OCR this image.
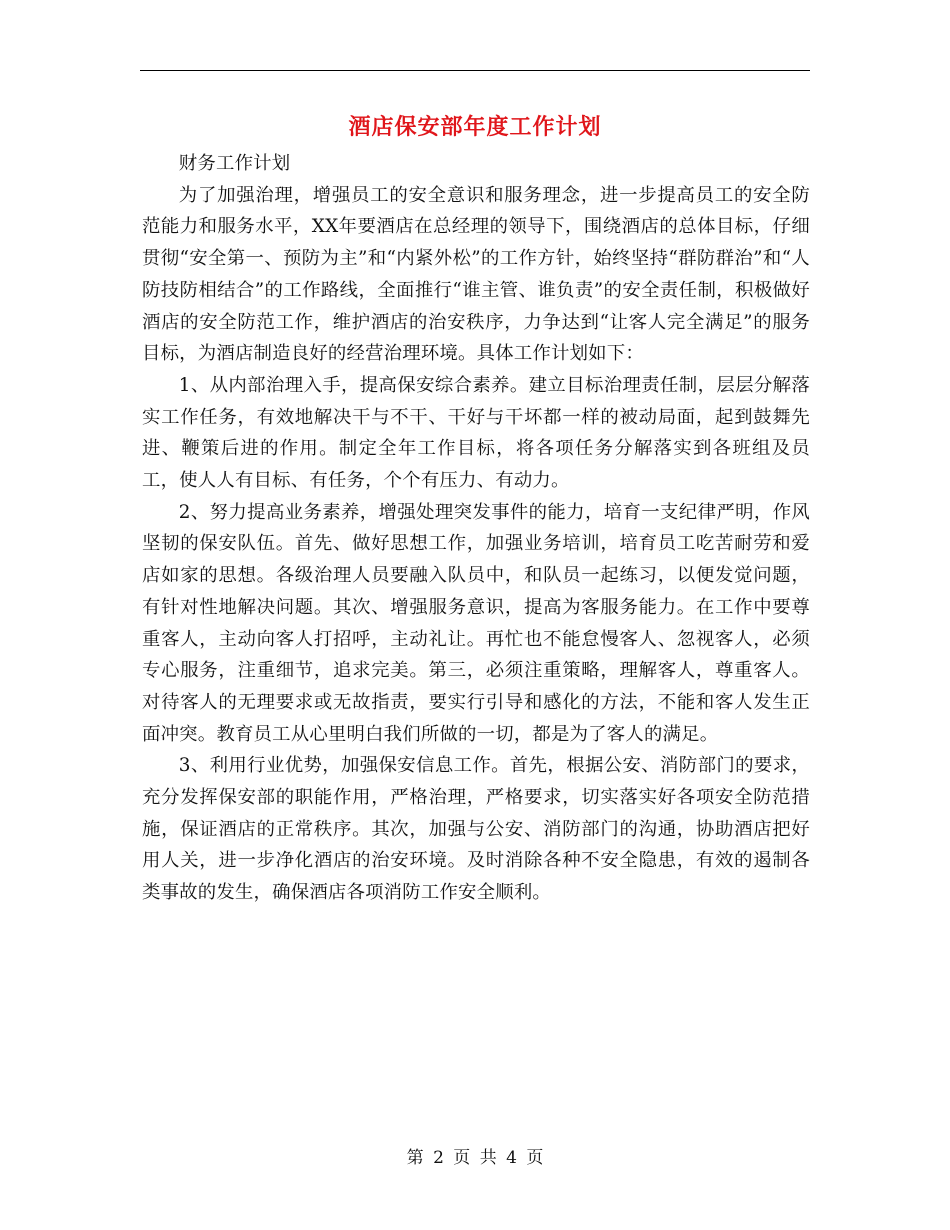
酒店保安部年度工作计划

财务工作计划

为了加强治理，增强员工的安全意识和服务理念，进一步提高员工的安全防范能力和服务水平，XX年要酒店在总经理的领导下，围绕酒店的总体目标，仔细贯彻“安全第一、预防为主”和“内紧外松”的工作方针，始终坚持“群防群治”和“人防技防相结合”的工作路线，全面推行“谁主管、谁负责”的安全责任制，积极做好酒店的安全防范工作，维护酒店的治安秩序，力争达到“让客人完全满足”的服务目标，为酒店制造良好的经营治理环境。具体工作计划如下：

1、从内部治理入手，提高保安综合素养。建立目标治理责任制，层层分解落实工作任务，有效地解决干与不干、干好与干坏都一样的被动局面，起到鼓舞先进、鞭策后进的作用。制定全年工作目标，将各项任务分解落实到各班组及员工，使人人有目标、有任务，个个有压力、有动力。

2、努力提高业务素养，增强处理突发事件的能力，培育一支纪律严明，作风坚韧的保安队伍。首先、做好思想工作，加强业务培训，培育员工吃苦耐劳和爱店如家的思想。各级治理人员要融入队员中，和队员一起练习，以便发觉问题，有针对性地解决问题。其次、增强服务意识，提高为客服务能力。在工作中要尊重客人，主动向客人打招呼，主动礼让。再忙也不能怠慢客人、忽视客人，必须专心服务，注重细节，追求完美。第三，必须注重策略，理解客人，尊重客人。对待客人的无理要求或无故指责，要实行引导和感化的方法，不能和客人发生正面冲突。教育员工从心里明白我们所做的一切，都是为了客人的满足。

3、利用行业优势，加强保安信息工作。首先，根据公安、消防部门的要求，充分发挥保安部的职能作用，严格治理，严格要求，切实落实好各项安全防范措施，保证酒店的正常秩序。其次，加强与公安、消防部门的沟通，协助酒店把好用人关，进一步净化酒店的治安环境。及时消除各种不安全隐患，有效的遏制各类事故的发生，确保酒店各项消防工作安全顺利。

第 2 页 共 4 页
